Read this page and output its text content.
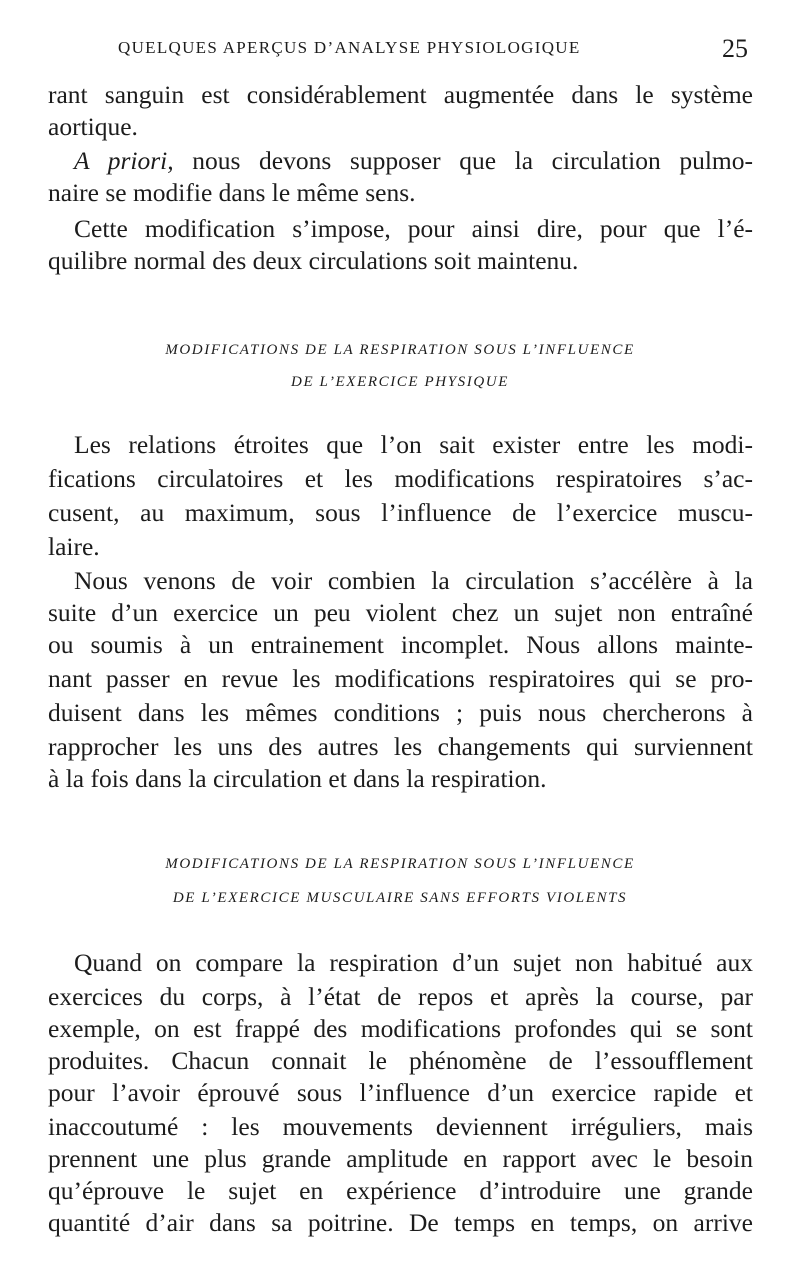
QUELQUES APERÇUS D’ANALYSE PHYSIOLOGIQUE	25
rant sanguin est considérablement augmentée dans le système
aortique.
A priori, nous devons supposer que la circulation pulmo-
naire se modifie dans le même sens.
Cette modification s’impose, pour ainsi dire, pour que l’é-
quilibre normal des deux circulations soit maintenu.
MODIFICATIONS DE LA RESPIRATION SOUS L’INFLUENCE
DE L’EXERCICE PHYSIQUE
Les relations étroites que l’on sait exister entre les modi-
fications circulatoires et les modifications respiratoires s’ac-
cusent, au maximum, sous l’influence de l’exercice muscu-
laire.
Nous venons de voir combien la circulation s’accélère à la
suite d’un exercice un peu violent chez un sujet non entraîné
ou soumis à un entrainement incomplet. Nous allons mainte-
nant passer en revue les modifications respiratoires qui se pro-
duisent dans les mêmes conditions ; puis nous chercherons à
rapprocher les uns des autres les changements qui surviennent
à la fois dans la circulation et dans la respiration.
MODIFICATIONS DE LA RESPIRATION SOUS L’INFLUENCE
DE L’EXERCICE MUSCULAIRE SANS EFFORTS VIOLENTS
Quand on compare la respiration d’un sujet non habitué aux
exercices du corps, à l’état de repos et après la course, par
exemple, on est frappé des modifications profondes qui se sont
produites. Chacun connait le phénomène de l’essoufflement
pour l’avoir éprouvé sous l’influence d’un exercice rapide et
inaccoutumé : les mouvements deviennent irréguliers, mais
prennent une plus grande amplitude en rapport avec le besoin
qu’éprouve le sujet en expérience d’introduire une grande
quantité d’air dans sa poitrine. De temps en temps, on arrive
